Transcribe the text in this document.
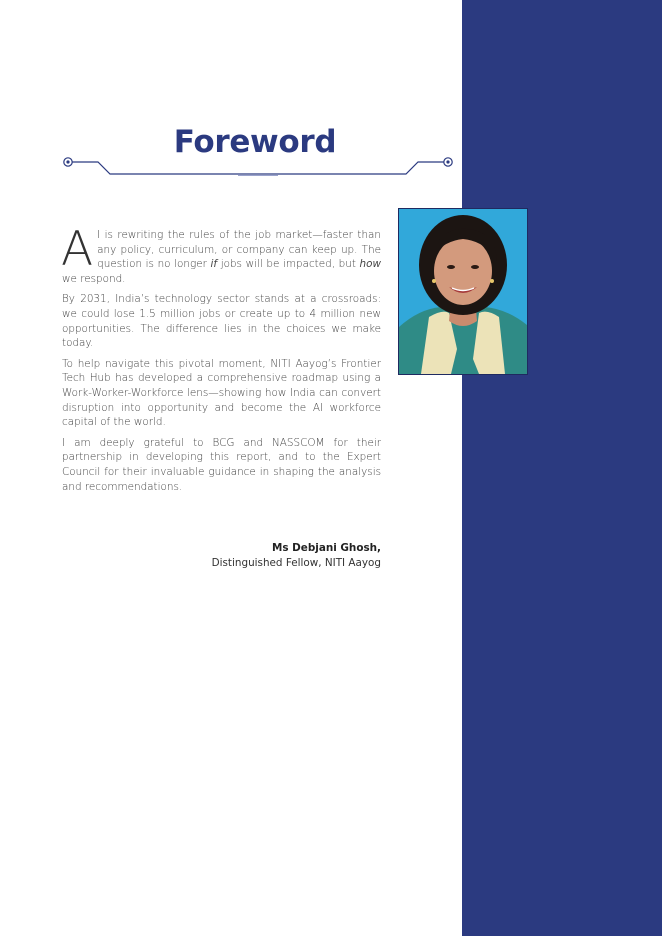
Foreword

A I is rewriting the rules of the job market—faster than any policy, curriculum, or company can keep up. The question is no longer if jobs will be impacted, but how we respond.

By 2031, India’s technology sector stands at a crossroads: we could lose 1.5 million jobs or create up to 4 million new opportunities. The difference lies in the choices we make today.

To help navigate this pivotal moment, NITI Aayog’s Frontier Tech Hub has developed a comprehensive roadmap using a Work-Worker-Workforce lens—showing how India can convert disruption into opportunity and become the AI workforce capital of the world.

I am deeply grateful to BCG and NASSCOM for their partnership in developing this report, and to the Expert Council for their invaluable guidance in shaping the analysis and recommendations.

Ms Debjani Ghosh,
Distinguished Fellow, NITI Aayog
